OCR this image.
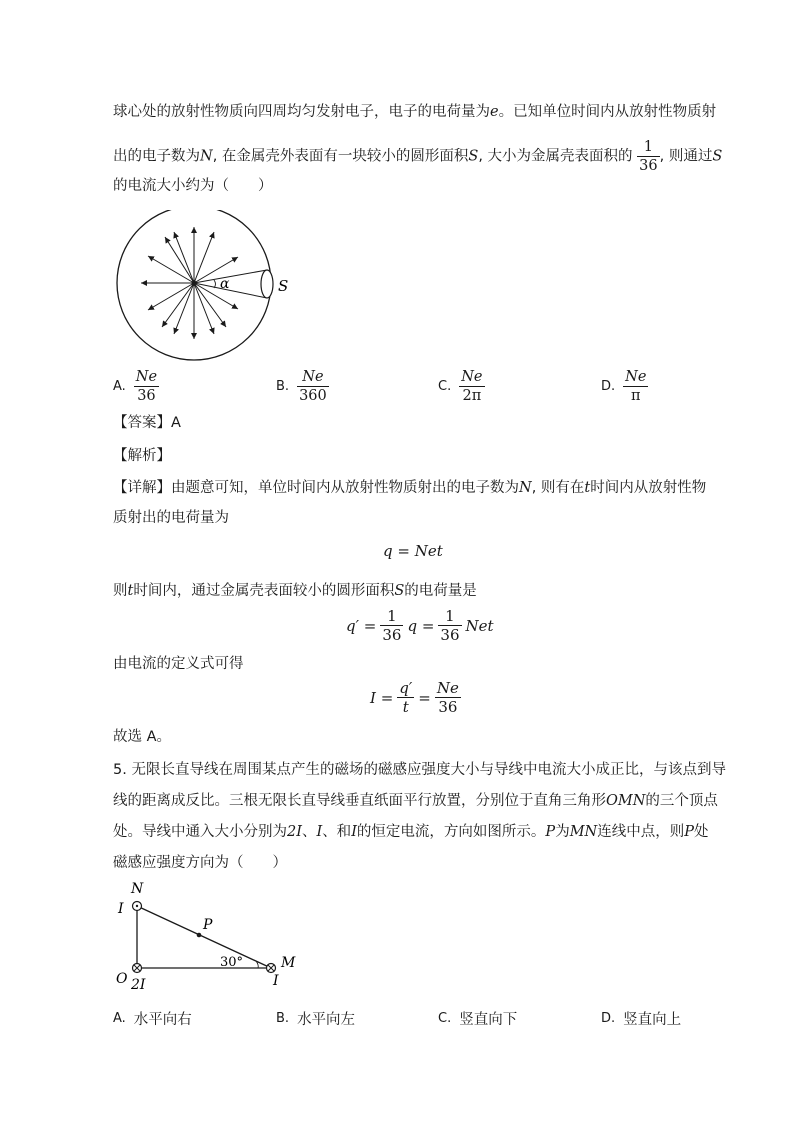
球心处的放射性物质向四周均匀发射电子，电子的电荷量为e。已知单位时间内从放射性物质射
出的电子数为N, 在金属壳外表面有一块较小的圆形面积S, 大小为金属壳表面积的 $\frac{1}{36}$ , 则通过S
的电流大小约为（　　）
α	S
A. $\frac{Ne}{36}$	B. $\frac{Ne}{360}$	C. $\frac{Ne}{2\pi}$	D. $\frac{Ne}{\pi}$
【答案】A
【解析】
【详解】由题意可知，单位时间内从放射性物质射出的电子数为N, 则有在t时间内从放射性物
质射出的电荷量为
q = Net
则t时间内，通过金属壳表面较小的圆形面积S的电荷量是
$q' = \frac{1}{36}$ $q = \frac{1}{36}$ Net
由电流的定义式可得
$I = \frac{q'}{t} = \frac{Ne}{36}$
故选 A。
5. 无限长直导线在周围某点产生的磁场的磁感应强度大小与导线中电流大小成正比，与该点到导
线的距离成反比。三根无限长直导线垂直纸面平行放置，分别位于直角三角形OMN的三个顶点
处。导线中通入大小分别为2I、I、和I的恒定电流，方向如图所示。P为MN连线中点，则P处
磁感应强度方向为（　　）
N
I
P
30°	M
O 2I	I
A. 水平向右	B. 水平向左	C. 竖直向下	D. 竖直向上
